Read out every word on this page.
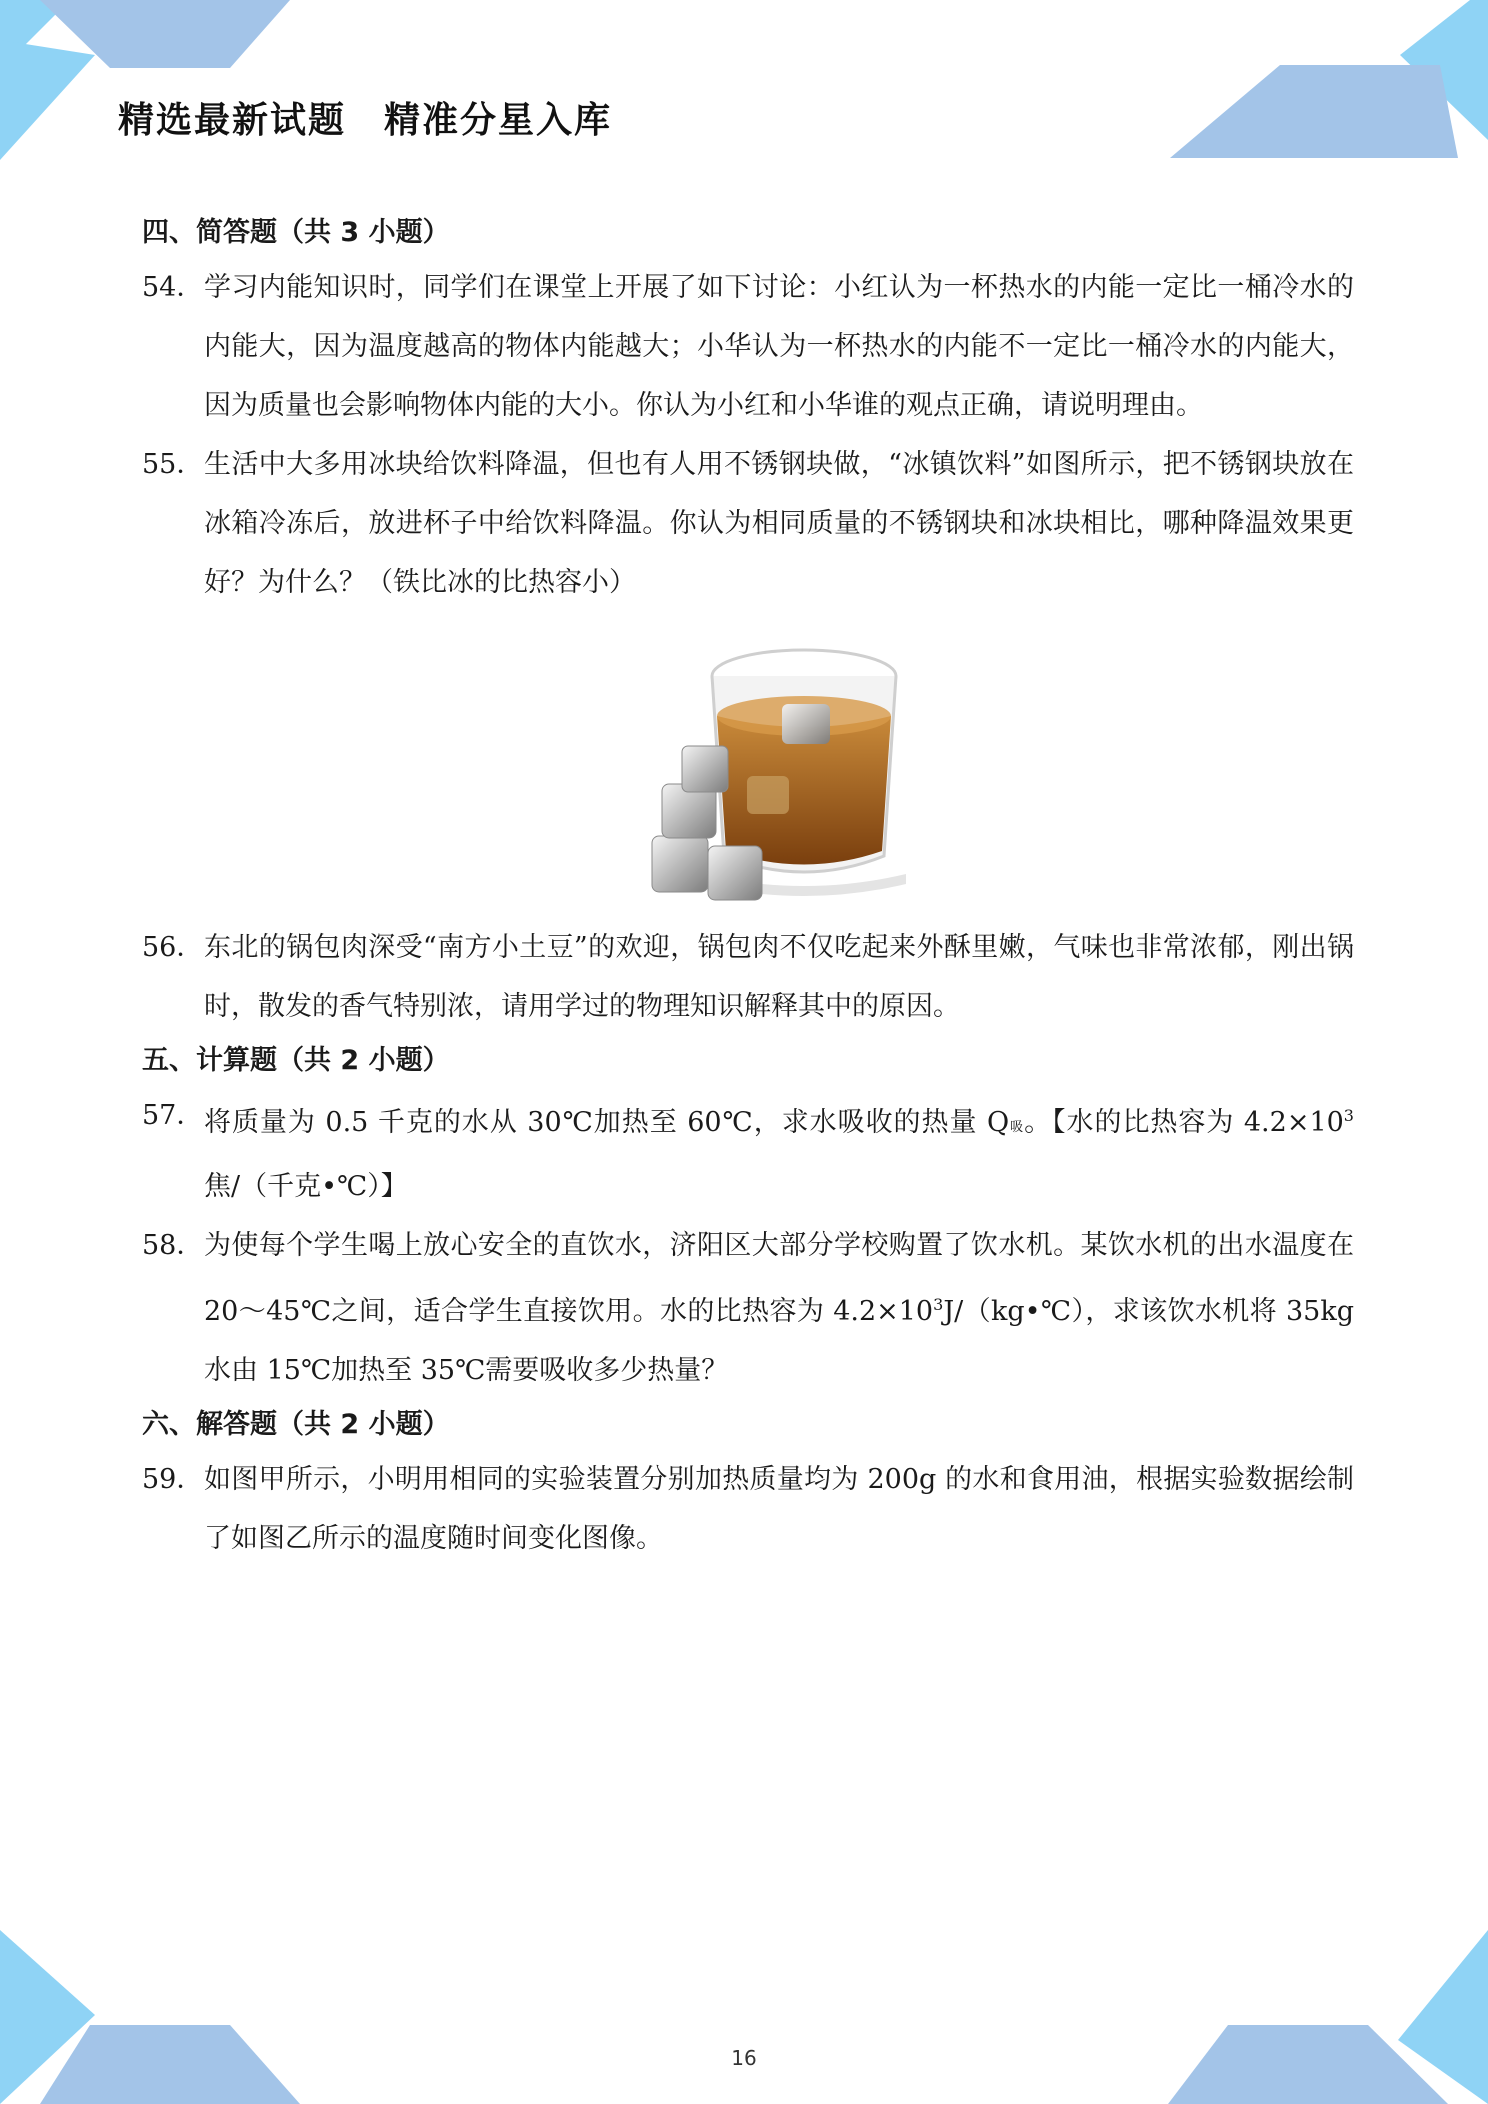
精选最新试题　精准分星入库
四、简答题（共 3 小题）
54． 学习内能知识时，同学们在课堂上开展了如下讨论：小红认为一杯热水的内能一定比一桶冷水的内能大，因为温度越高的物体内能越大；小华认为一杯热水的内能不一定比一桶冷水的内能大，因为质量也会影响物体内能的大小。你认为小红和小华谁的观点正确，请说明理由。
55． 生活中大多用冰块给饮料降温，但也有人用不锈钢块做，“冰镇饮料”如图所示，把不锈钢块放在冰箱冷冻后，放进杯子中给饮料降温。你认为相同质量的不锈钢块和冰块相比，哪种降温效果更好？为什么？（铁比冰的比热容小）
56． 东北的锅包肉深受“南方小土豆”的欢迎，锅包肉不仅吃起来外酥里嫩，气味也非常浓郁，刚出锅时，散发的香气特别浓，请用学过的物理知识解释其中的原因。
五、计算题（共 2 小题）
57． 将质量为 0.5 千克的水从 30℃加热至 60℃，求水吸收的热量 Q吸。【水的比热容为 $4.2\times 10^3$ 焦/（千克•℃）】
58． 为使每个学生喝上放心安全的直饮水，济阳区大部分学校购置了饮水机。某饮水机的出水温度在 20～45℃之间，适合学生直接饮用。水的比热容为 $4.2\times 10^3J/(kg•℃)$，求该饮水机将 35kg 水由 15℃加热至 35℃需要吸收多少热量？
六、解答题（共 2 小题）
59． 如图甲所示，小明用相同的实验装置分别加热质量均为 200g 的水和食用油，根据实验数据绘制了如图乙所示的温度随时间变化图像。
16
